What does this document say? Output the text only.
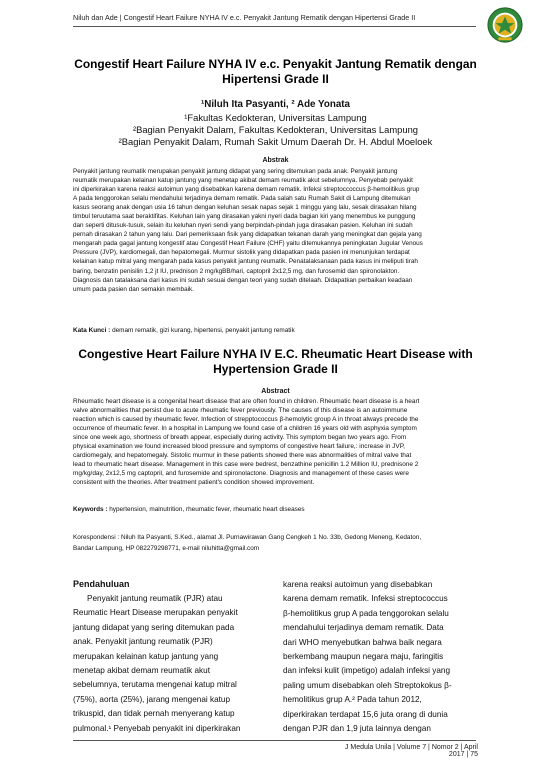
Niluh dan Ade | Congestif Heart Failure NYHA IV e.c. Penyakit Jantung Rematik dengan Hipertensi Grade II
Congestif Heart Failure NYHA IV e.c. Penyakit Jantung Rematik dengan
Hipertensi Grade II
¹Niluh Ita Pasyanti, ² Ade Yonata
¹Fakultas Kedokteran, Universitas Lampung
²Bagian Penyakit Dalam, Fakultas Kedokteran, Universitas Lampung
²Bagian Penyakit Dalam, Rumah Sakit Umum Daerah Dr. H. Abdul Moeloek
Abstrak
Penyakit jantung reumatik merupakan penyakit jantung didapat yang sering ditemukan pada anak. Penyakit jantung
reumatik merupakan kelainan katup jantung yang menetap akibat demam reumatik akut sebelumnya. Penyebab penyakit
ini diperkirakan karena reaksi autoimun yang disebabkan karena demam rematik. Infeksi streptoccoccus β-hemolitikus grup
A pada tenggorokan selalu mendahului terjadinya demam rematik. Pada salah satu Rumah Sakit di Lampung ditemukan
kasus seorang anak dengan usia 16 tahun dengan keluhan sesak napas sejak 1 minggu yang lalu, sesak dirasakan hilang
timbul teruutama saat beraktifitas. Keluhan lain yang dirasakan yakni nyeri dada bagian kiri yang menembus ke punggung
dan seperti ditusuk-tusuk, selain itu keluhan nyeri sendi yang berpindah-pindah juga dirasakan pasien. Keluhan ini sudah
pernah dirasakan 2 tahun yang lalu. Dari pemeriksaan fisik yang didapatkan tekanan darah yang meningkat dan gejala yang
mengarah pada gagal jantung kongestif atau Congestif Heart Failure (CHF) yaitu ditemukannya peningkatan Jugular Venous
Pressure (JVP), kardiomegali, dan hepatomegali. Murmur sistolik yang didapatkan pada pasien ini menunjukan terdapat
kelainan katup mitral yang mengarah pada kasus penyakit jantung reumatik. Penatalaksanaan pada kasus ini meliputi tirah
baring, benzatin penisilin 1,2 jt IU, prednison 2 mg/kgBB/hari, captopril 2x12,5 mg, dan furosemid dan spironolakton.
Diagnosis dan tatalaksana dari kasus ini sudah sesuai dengan teori yang sudah ditelaah. Didapatkan perbaikan keadaan
umum pada pasien dan semakin membaik.
Kata Kunci : demam rematik, gizi kurang, hipertensi, penyakit jantung rematik
Congestive Heart Failure NYHA IV E.C. Rheumatic Heart Disease with
Hypertension Grade II
Abstract
Rheumatic heart disease is a congenital heart disease that are often found in children. Rheumatic heart disease is a heart
valve abnormalities that persist due to acute rheumatic fever previously. The causes of this disease is an autoimmune
reaction which is caused by rheumatic fever. Infection of strepptococcus β-hemolytic group A in throat always precede the
occurrence of rheumatic fever. In a hospital in Lampung we found case of a children 16 years old with asphyxia symptom
since one week ago, shortness of breath appear, especially during activity. This symptom began two years ago. From
physical examination we found increased blood pressure and symptoms of congestive heart failure,: increase in JVP,
cardiomegaly, and hepatomegaly. Sistolic murmur in these patients showed there was abnormalities of mitral valve that
lead to rheumatic heart disease. Management in this case were bedrest, benzathine penicillin 1.2 Million IU, prednisone 2
mg/kg/day, 2x12,5 mg captopril, and furosemide and spironolactone. Diagnosis and management of these cases were
consistent with the theories. After treatment patient's condition showed improvement.
Keywords : hypertension, malnutrition, rheumatic fever, rheumatic heart diseases
Korespondensi : Niluh Ita Pasyanti, S.Ked., alamat Jl. Purnawirawan Gang Cengkeh 1 No. 33b, Gedong Meneng, Kedaton,
Bandar Lampung, HP 082279298771, e-mail niluhitta@gmail.com
Pendahuluan
Penyakit jantung reumatik (PJR) atau
Reumatic Heart Disease merupakan penyakit
jantung didapat yang sering ditemukan pada
anak. Penyakit jantung reumatik (PJR)
merupakan kelainan katup jantung yang
menetap akibat demam reumatik akut
sebelumnya, terutama mengenai katup mitral
(75%), aorta (25%), jarang mengenai katup
trikuspid, dan tidak pernah menyerang katup
pulmonal.¹ Penyebab penyakit ini diperkirakan
karena reaksi autoimun yang disebabkan
karena demam rematik. Infeksi streptococcus
β-hemolitikus grup A pada tenggorokan selalu
mendahului terjadinya demam rematik. Data
dari WHO menyebutkan bahwa baik negara
berkembang maupun negara maju, faringitis
dan infeksi kulit (impetigo) adalah infeksi yang
paling umum disebabkan oleh Streptokokus β-
hemolitikus grup A.² Pada tahun 2012,
diperkirakan terdapat 15,6 juta orang di dunia
dengan PJR dan 1,9 juta lainnya dengan
J Medula Unila | Volume 7 | Nomor 2 | April 2017 | 75
